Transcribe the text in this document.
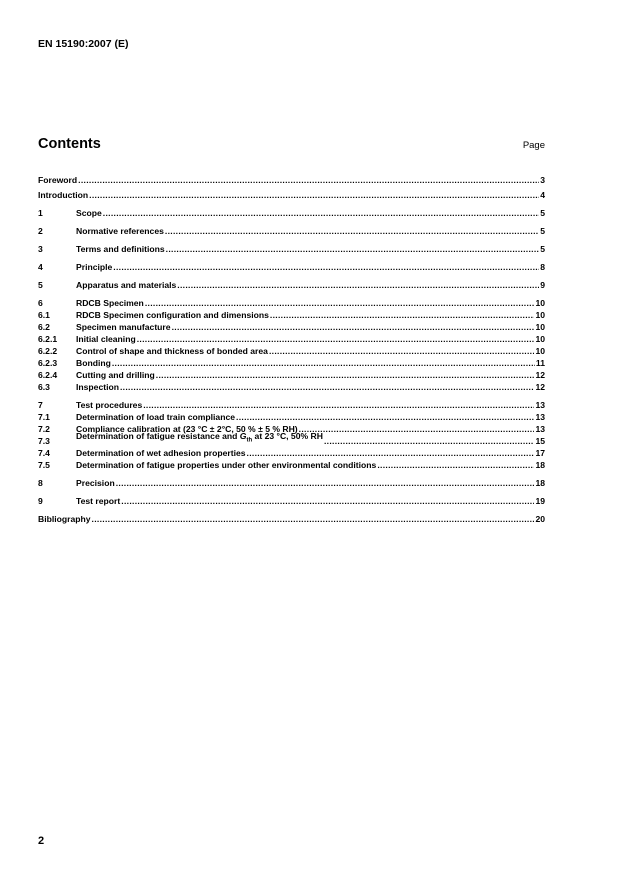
EN 15190:2007 (E)
Contents	Page
Foreword .....	3
Introduction .....	4
1	Scope .....	5
2	Normative references .....	5
3	Terms and definitions .....	5
4	Principle .....	8
5	Apparatus and materials .....	9
6	RDCB Specimen .....	10
6.1	RDCB Specimen configuration and dimensions .....	10
6.2	Specimen manufacture .....	10
6.2.1	Initial cleaning .....	10
6.2.2	Control of shape and thickness of bonded area .....	10
6.2.3	Bonding .....	11
6.2.4	Cutting and drilling .....	12
6.3	Inspection .....	12
7	Test procedures .....	13
7.1	Determination of load train compliance .....	13
7.2	Compliance calibration at (23 °C ± 2°C, 50 % ± 5 % RH) .....	13
7.3	Determination of fatigue resistance and $G_{th}$ at 23 °C, 50% RH .....	15
7.4	Determination of wet adhesion properties .....	17
7.5	Determination of fatigue properties under other environmental conditions .....	18
8	Precision .....	18
9	Test report .....	19
Bibliography .....	20
2
